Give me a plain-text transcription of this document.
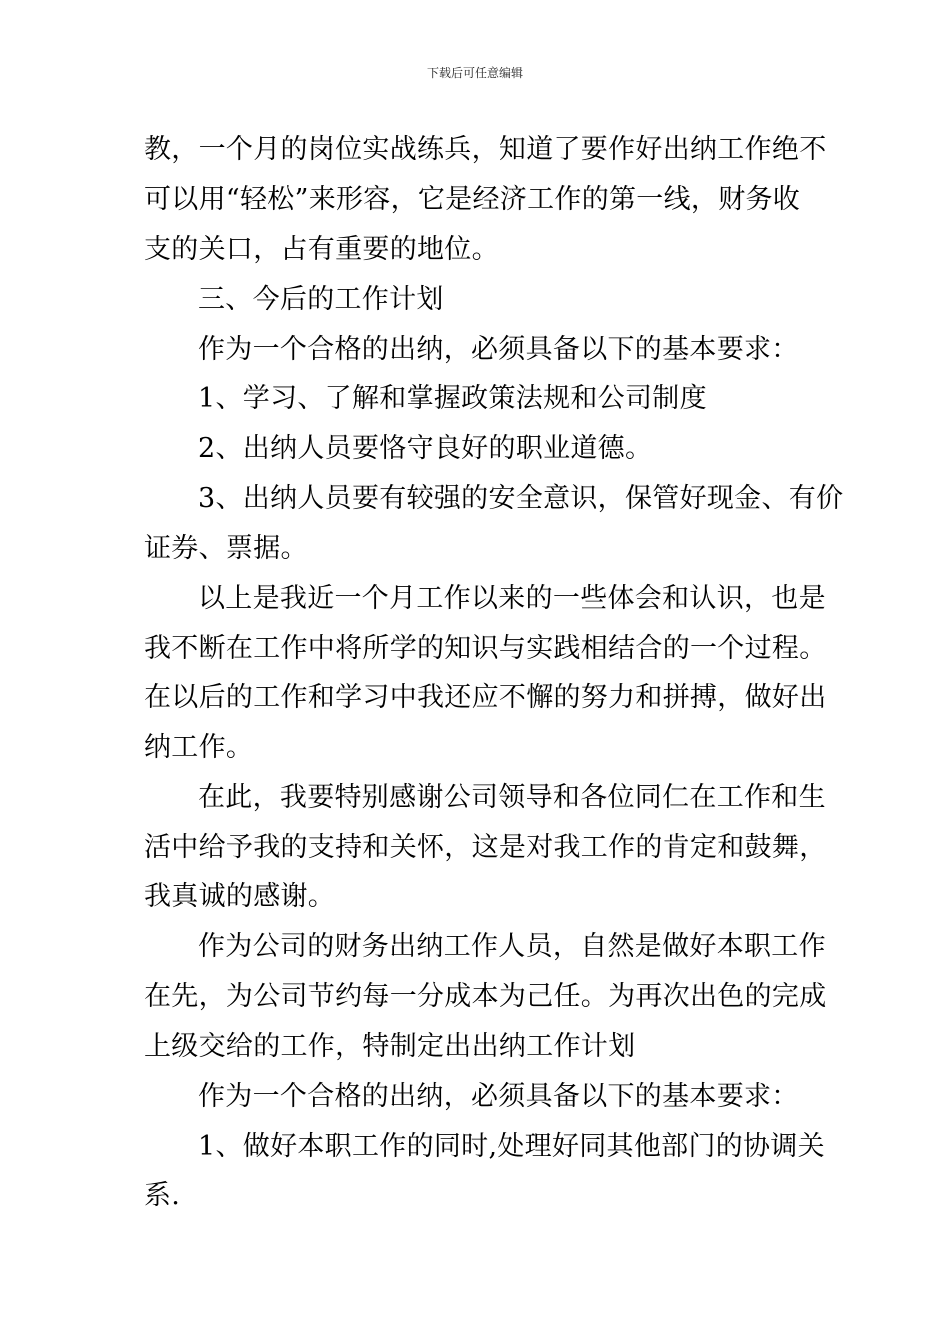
下载后可任意编辑
教，一个月的岗位实战练兵，知道了要作好出纳工作绝不
可以用“轻松”来形容，它是经济工作的第一线，财务收
支的关口，占有重要的地位。
三、今后的工作计划
作为一个合格的出纳，必须具备以下的基本要求：
1、学习、了解和掌握政策法规和公司制度
2、出纳人员要恪守良好的职业道德。
3、出纳人员要有较强的安全意识，保管好现金、有价
证券、票据。
以上是我近一个月工作以来的一些体会和认识，也是
我不断在工作中将所学的知识与实践相结合的一个过程。
在以后的工作和学习中我还应不懈的努力和拼搏，做好出
纳工作。
在此，我要特别感谢公司领导和各位同仁在工作和生
活中给予我的支持和关怀，这是对我工作的肯定和鼓舞，
我真诚的感谢。
作为公司的财务出纳工作人员，自然是做好本职工作
在先，为公司节约每一分成本为己任。为再次出色的完成
上级交给的工作，特制定出出纳工作计划
作为一个合格的出纳，必须具备以下的基本要求：
1、做好本职工作的同时,处理好同其他部门的协调关
系.
